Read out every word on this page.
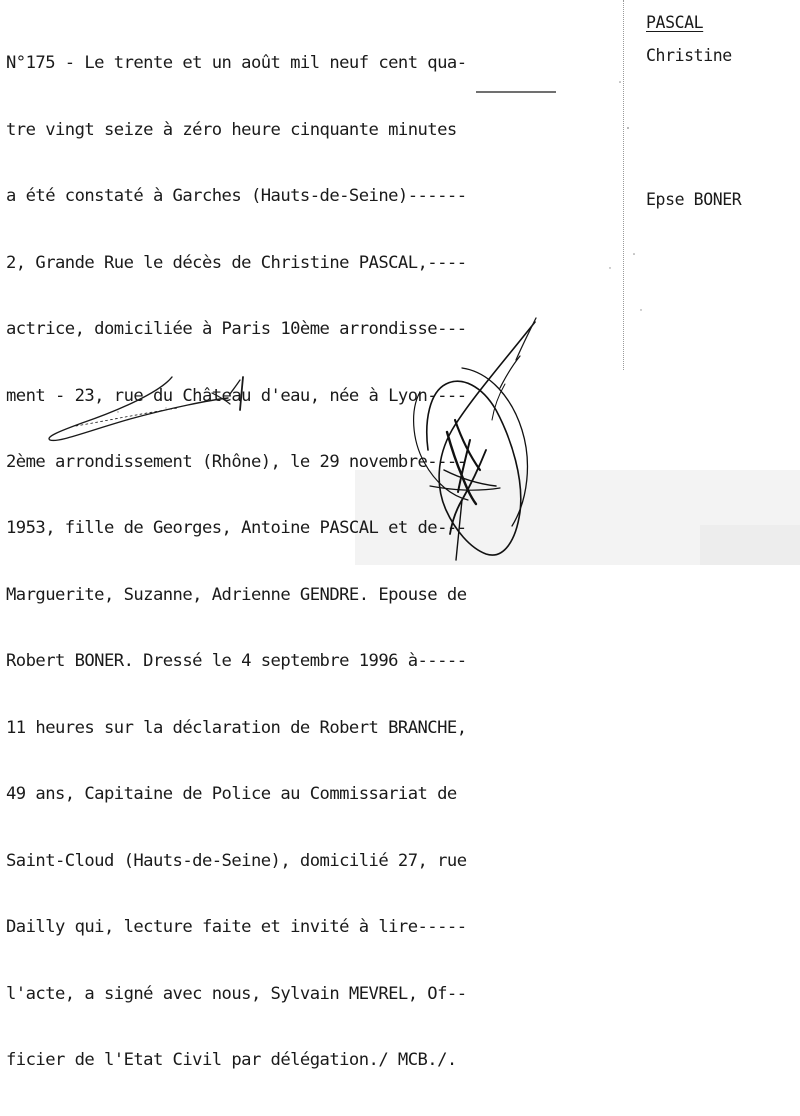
N°175 - Le trente et un août mil neuf cent qua-

tre vingt seize à zéro heure cinquante minutes

a été constaté à Garches (Hauts-de-Seine)------

2, Grande Rue le décès de Christine PASCAL,----

actrice, domiciliée à Paris 10ème arrondisse---

ment - 23, rue du Château d'eau, née à Lyon----

2ème arrondissement (Rhône), le 29 novembre----

1953, fille de Georges, Antoine PASCAL et de---

Marguerite, Suzanne, Adrienne GENDRE. Epouse de

Robert BONER. Dressé le 4 septembre 1996 à-----

11 heures sur la déclaration de Robert BRANCHE,

49 ans, Capitaine de Police au Commissariat de

Saint-Cloud (Hauts-de-Seine), domicilié 27, rue

Dailly qui, lecture faite et invité à lire-----

l'acte, a signé avec nous, Sylvain MEVREL, Of--

ficier de l'Etat Civil par délégation./ MCB./.

PASCAL
Christine
Epse BONER
